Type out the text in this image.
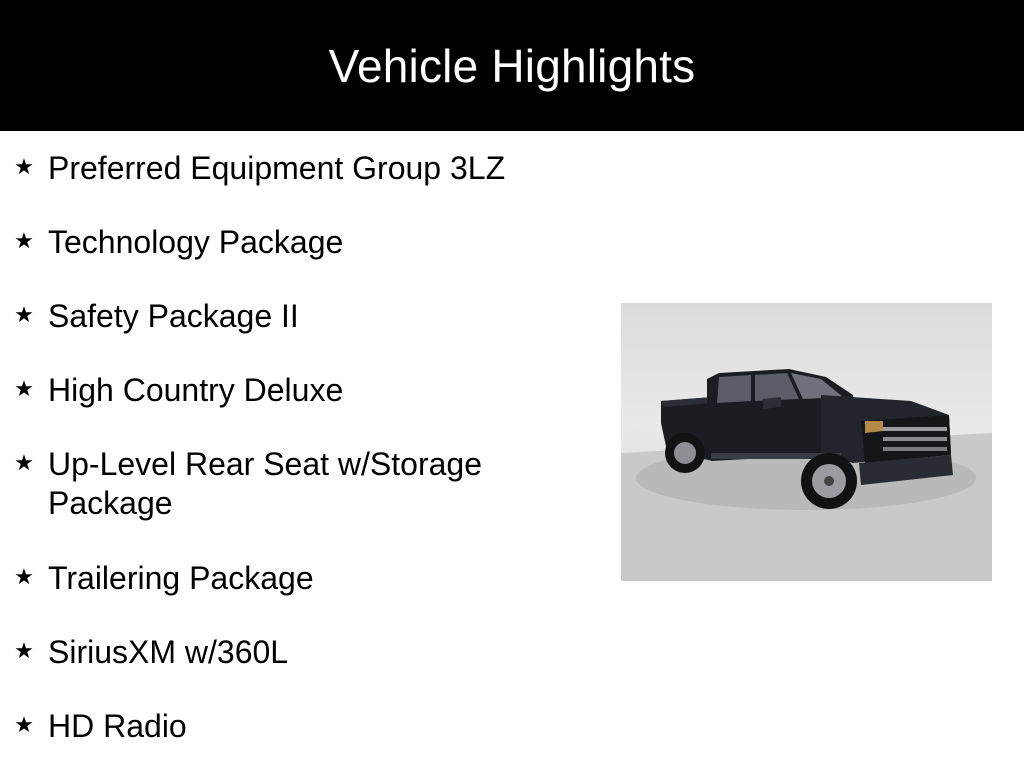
Vehicle Highlights
★ Preferred Equipment Group 3LZ
★ Technology Package
★ Safety Package II
★ High Country Deluxe
★ Up-Level Rear Seat w/Storage Package
★ Trailering Package
★ SiriusXM w/360L
★ HD Radio
